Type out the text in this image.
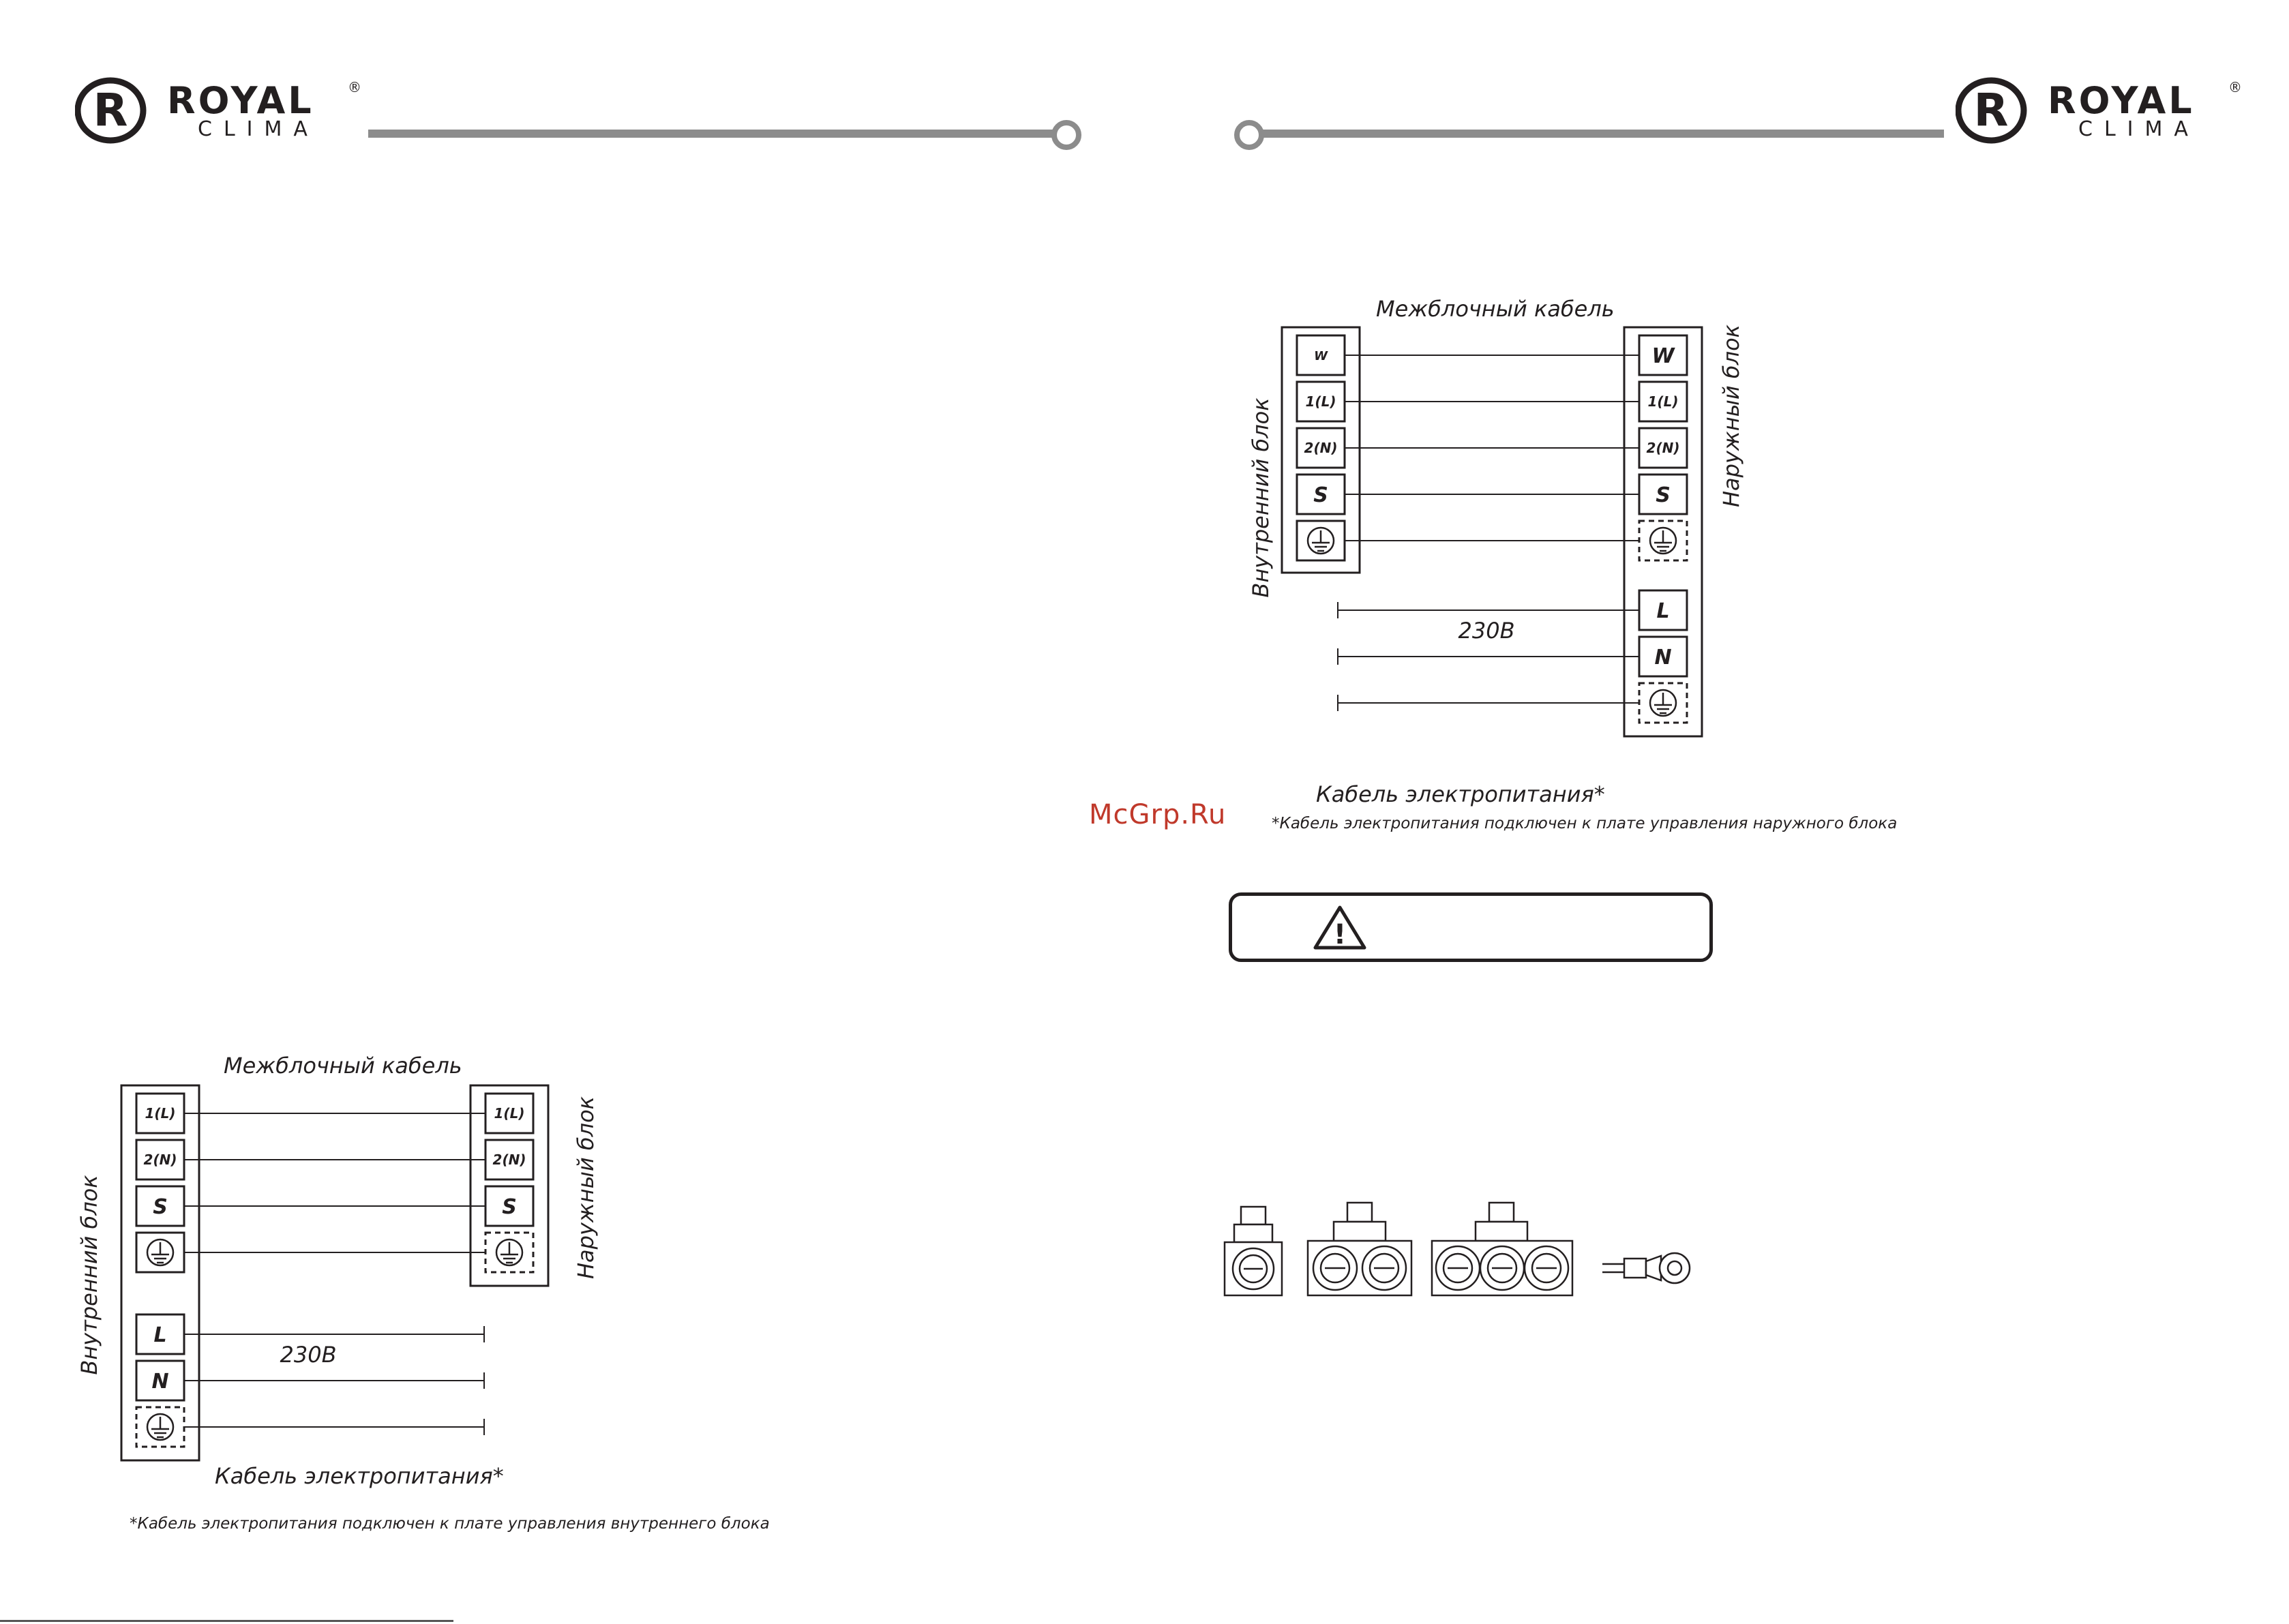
R ROYAL ®
CLIMA	R ROYAL ®
CLIMA
1(L)
2(N)
S
L
N
1(L)
2(N)
S
Межблочный кабель
230В
Кабель электропитания*
Внутренний блок	Наружный блок
*Кабель электропитания подключен к плате управления внутреннего блока
W
1(L)
2(N)
S
W
1(L)
2(N)
S
L
N
Межблочный кабель
230В
Кабель электропитания*
Внутренний блок	Наружный блок
*Кабель электропитания подключен к плате управления наружного блока
McGrp.Ru
!
